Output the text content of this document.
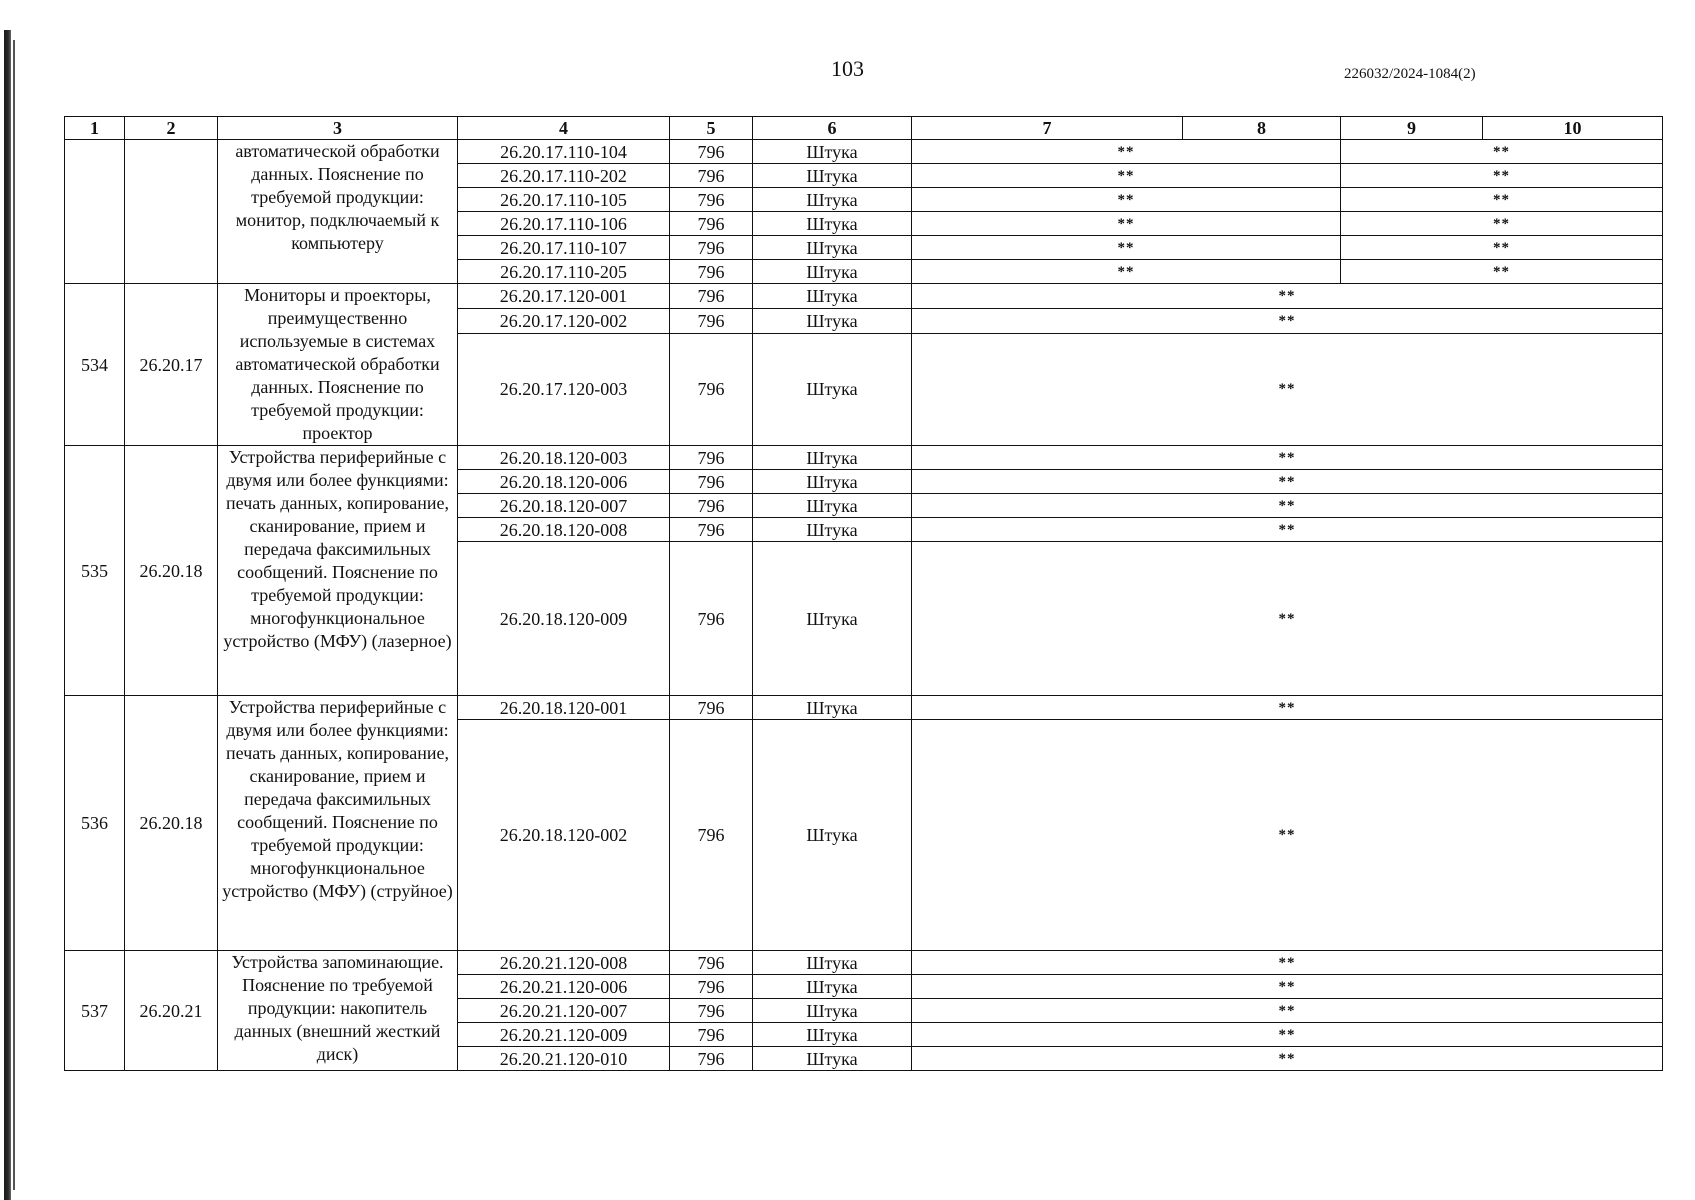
103	226032/2024-1084(2)
1	2	3	4	5	6	7	8	9	10
		автоматической обработки данных. Пояснение по требуемой продукции: монитор, подключаемый к компьютеру	26.20.17.110-104	796	Штука	**		**	
			26.20.17.110-202	796	Штука	**		**	
			26.20.17.110-105	796	Штука	**		**	
			26.20.17.110-106	796	Штука	**		**	
			26.20.17.110-107	796	Штука	**		**	
			26.20.17.110-205	796	Штука	**		**	
534	26.20.17	Мониторы и проекторы, преимущественно используемые в системах автоматической обработки данных. Пояснение по требуемой продукции: проектор	26.20.17.120-001	796	Штука	**			
			26.20.17.120-002	796	Штука	**			
			26.20.17.120-003	796	Штука	**			
535	26.20.18	Устройства периферийные с двумя или более функциями: печать данных, копирование, сканирование, прием и передача факсимильных сообщений. Пояснение по требуемой продукции: многофункциональное устройство (МФУ) (лазерное)	26.20.18.120-003	796	Штука	**			
			26.20.18.120-006	796	Штука	**			
			26.20.18.120-007	796	Штука	**			
			26.20.18.120-008	796	Штука	**			
			26.20.18.120-009	796	Штука	**			
536	26.20.18	Устройства периферийные с двумя или более функциями: печать данных, копирование, сканирование, прием и передача факсимильных сообщений. Пояснение по требуемой продукции: многофункциональное устройство (МФУ) (струйное)	26.20.18.120-001	796	Штука	**			
			26.20.18.120-002	796	Штука	**			
537	26.20.21	Устройства запоминающие. Пояснение по требуемой продукции: накопитель данных (внешний жесткий диск)	26.20.21.120-008	796	Штука	**			
			26.20.21.120-006	796	Штука	**			
			26.20.21.120-007	796	Штука	**			
			26.20.21.120-009	796	Штука	**			
			26.20.21.120-010	796	Штука	**			
